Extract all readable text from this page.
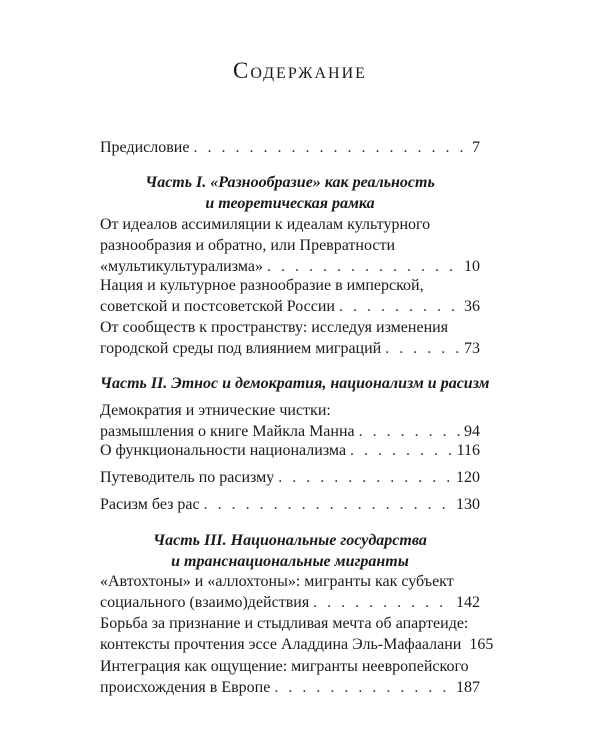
Содержание
Предисловие . . .	7
Часть I. «Разнообразие» как реальность
и теоретическая рамка
От идеалов ассимиляции к идеалам культурного
разнообразия и обратно, или Превратности
«мультикультурализма» . . .	10
Нация и культурное разнообразие в имперской,
советской и постсоветской России . . .	36
От сообществ к пространству: исследуя изменения
городской среды под влиянием миграций . . .	73
Часть II. Этнос и демократия, национализм и расизм
Демократия и этнические чистки:
размышления о книге Майкла Манна . . .	94
О функциональности национализма . . .	116
Путеводитель по расизму . . .	120
Расизм без рас . . .	130
Часть III. Национальные государства
и транснациональные мигранты
«Автохтоны» и «аллохтоны»: мигранты как субъект
социального (взаимо)действия . . .	142
Борьба за признание и стыдливая мечта об апартеиде:
контексты прочтения эссе Аладдина Эль-Мафаалани 165
Интеграция как ощущение: мигранты неевропейского
происхождения в Европе . . .	187
